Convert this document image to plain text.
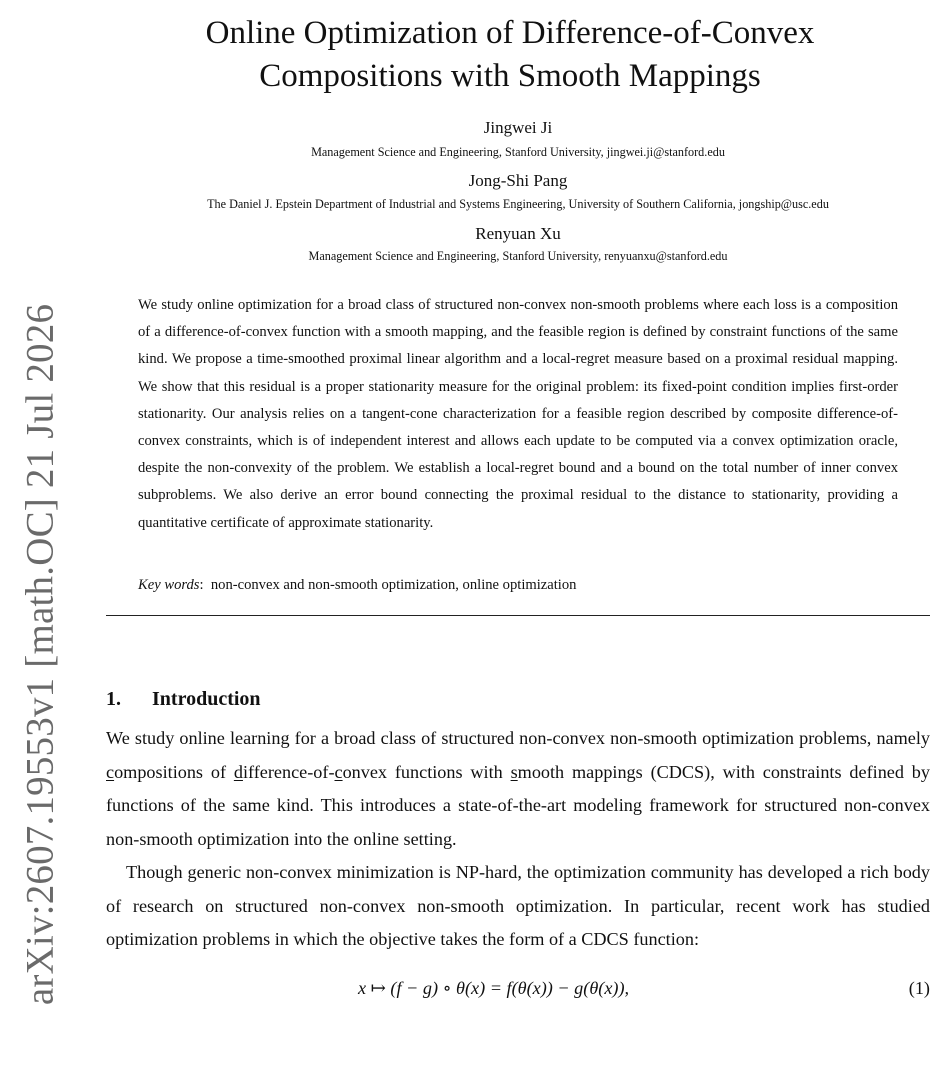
arXiv:2607.19553v1 [math.OC] 21 Jul 2026
Online Optimization of Difference-of-Convex
Compositions with Smooth Mappings
Jingwei Ji
Management Science and Engineering, Stanford University, jingwei.ji@stanford.edu
Jong-Shi Pang
The Daniel J. Epstein Department of Industrial and Systems Engineering, University of Southern California, jongship@usc.edu
Renyuan Xu
Management Science and Engineering, Stanford University, renyuanxu@stanford.edu

We study online optimization for a broad class of structured non-convex non-smooth problems where each loss is a composition of a difference-of-convex function with a smooth mapping, and the feasible region is defined by constraint functions of the same kind. We propose a time-smoothed proximal linear algorithm and a local-regret measure based on a proximal residual mapping. We show that this residual is a proper stationarity measure for the original problem: its fixed-point condition implies first-order stationarity. Our analysis relies on a tangent-cone characterization for a feasible region described by composite difference-of-convex constraints, which is of independent interest and allows each update to be computed via a convex optimization oracle, despite the non-convexity of the problem. We establish a local-regret bound and a bound on the total number of inner convex subproblems. We also derive an error bound connecting the proximal residual to the distance to stationarity, providing a quantitative certificate of approximate stationarity.

Key words:  non-convex and non-smooth optimization, online optimization
1. Introduction

We study online learning for a broad class of structured non-convex non-smooth optimization problems, namely compositions of difference-of-convex functions with smooth mappings (CDCS), with constraints defined by functions of the same kind. This introduces a state-of-the-art modeling framework for structured non-convex non-smooth optimization into the online setting.

Though generic non-convex minimization is NP-hard, the optimization community has developed a rich body of research on structured non-convex non-smooth optimization. In particular, recent work has studied optimization problems in which the objective takes the form of a CDCS function:

x ↦ (f − g) ∘ θ(x) = f(θ(x)) − g(θ(x)),	(1)
